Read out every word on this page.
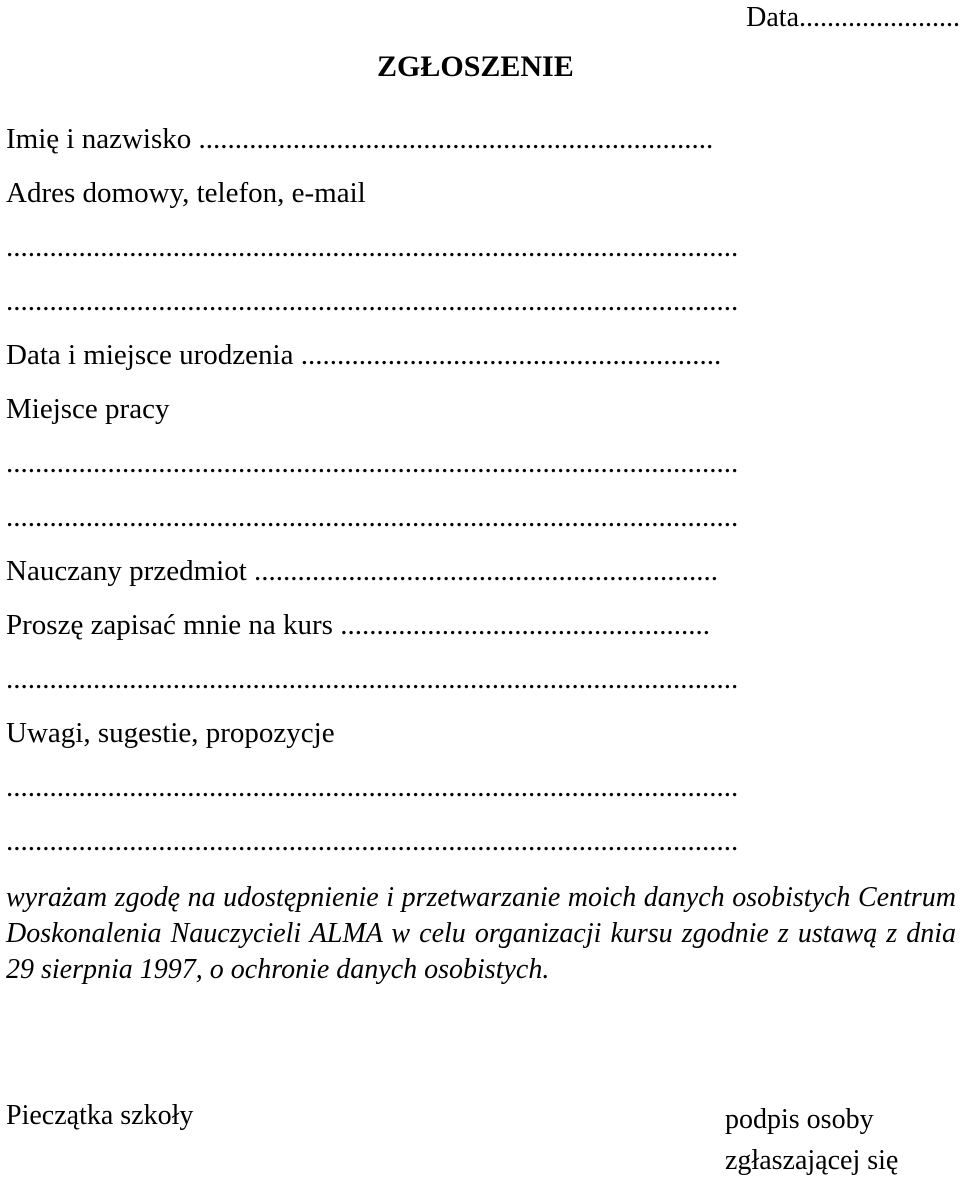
Data.......................
ZGŁOSZENIE
Imię i nazwisko .......................................................................
Adres domowy, telefon, e-mail
.....................................................................................................
.....................................................................................................
Data i miejsce urodzenia ..........................................................
Miejsce pracy
.....................................................................................................
.....................................................................................................
Nauczany przedmiot ................................................................
Proszę zapisać mnie na kurs ...................................................
.....................................................................................................
Uwagi, sugestie, propozycje
.....................................................................................................
.....................................................................................................

wyrażam zgodę na udostępnienie i przetwarzanie moich danych osobistych Centrum Doskonalenia Nauczycieli ALMA w celu organizacji kursu zgodnie z ustawą z dnia 29 sierpnia 1997, o ochronie danych osobistych.

Pieczątka szkoły	podpis osoby
zgłaszającej się
